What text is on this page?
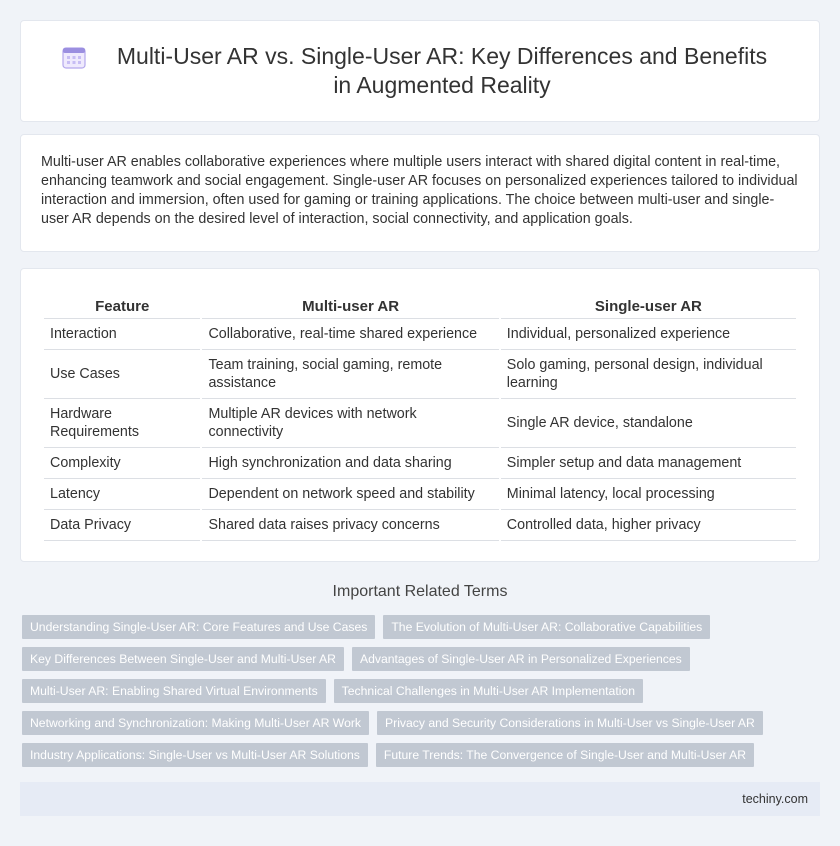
Multi-User AR vs. Single-User AR: Key Differences and Benefits in Augmented Reality

Multi-user AR enables collaborative experiences where multiple users interact with shared digital content in real-time, enhancing teamwork and social engagement. Single-user AR focuses on personalized experiences tailored to individual interaction and immersion, often used for gaming or training applications. The choice between multi-user and single-user AR depends on the desired level of interaction, social connectivity, and application goals.

Feature	Multi-user AR	Single-user AR
Interaction	Collaborative, real-time shared experience	Individual, personalized experience
Use Cases	Team training, social gaming, remote assistance	Solo gaming, personal design, individual learning
Hardware Requirements	Multiple AR devices with network connectivity	Single AR device, standalone
Complexity	High synchronization and data sharing	Simpler setup and data management
Latency	Dependent on network speed and stability	Minimal latency, local processing
Data Privacy	Shared data raises privacy concerns	Controlled data, higher privacy
Important Related Terms
Understanding Single-User AR: Core Features and Use Cases	The Evolution of Multi-User AR: Collaborative Capabilities
Key Differences Between Single-User and Multi-User AR	Advantages of Single-User AR in Personalized Experiences
Multi-User AR: Enabling Shared Virtual Environments	Technical Challenges in Multi-User AR Implementation
Networking and Synchronization: Making Multi-User AR Work	Privacy and Security Considerations in Multi-User vs Single-User AR
Industry Applications: Single-User vs Multi-User AR Solutions	Future Trends: The Convergence of Single-User and Multi-User AR
techiny.com
